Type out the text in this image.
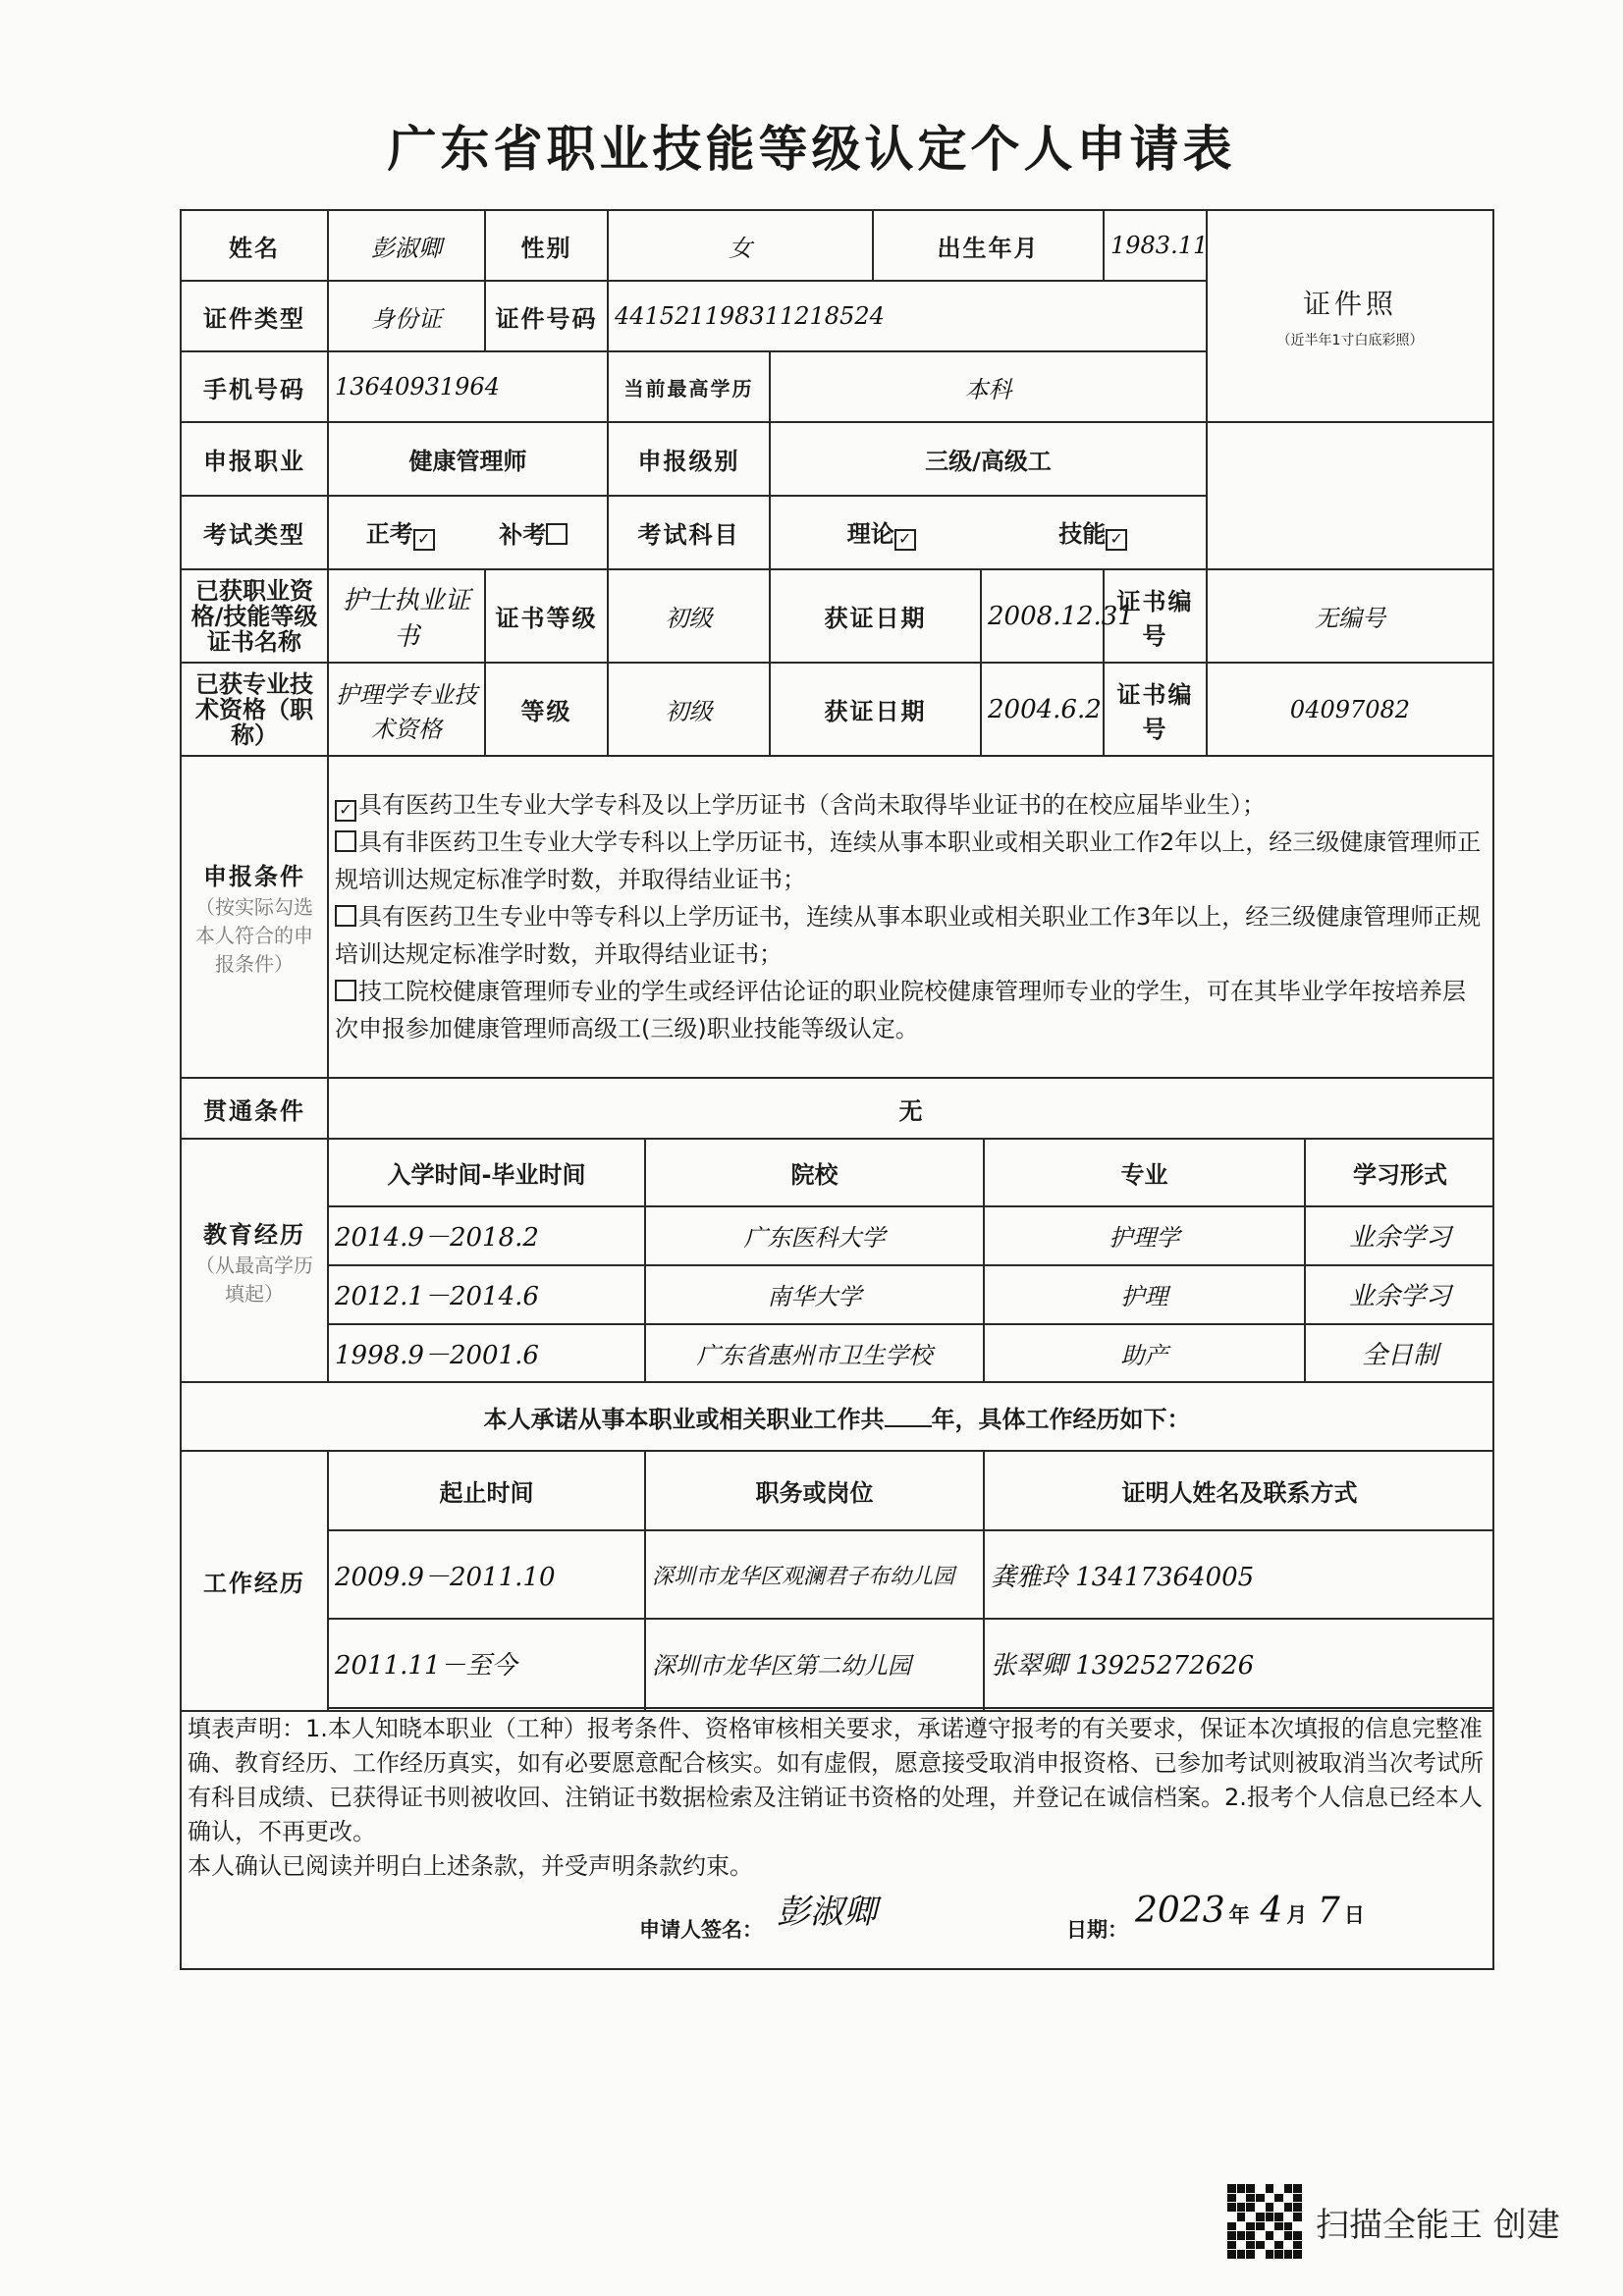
广东省职业技能等级认定个人申请表
姓名	彭淑卿	性别	女	出生年月	1983.11	
证件照
（近半年1寸白底彩照）

证件类型	身份证	证件号码	441521198311218524
手机号码	13640931964	当前最高学历	本科
申报职业	健康管理师	申报级别	三级/高级工	
考试类型	正考 ✓	补考	考试科目	理论 ✓	技能 ✓

已获职业资格/技能等级证书名称	护士执业证书	证书等级	初级	获证日期	2008.12.31	证书编号	无编号
已获专业技术资格（职称）	护理学专业技术资格	等级	初级	获证日期	2004.6.2	证书编号	04097082

申报条件
（按实际勾选本人符合的申报条件）

✓ 具有医药卫生专业大学专科及以上学历证书（含尚未取得毕业证书的在校应届毕业生）；
具有非医药卫生专业大学专科以上学历证书，连续从事本职业或相关职业工作2年以上，经三级健康管理师正规培训达规定标准学时数，并取得结业证书；
具有医药卫生专业中等专科以上学历证书，连续从事本职业或相关职业工作3年以上，经三级健康管理师正规培训达规定标准学时数，并取得结业证书；
技工院校健康管理师专业的学生或经评估论证的职业院校健康管理师专业的学生，可在其毕业学年按培养层次申报参加健康管理师高级工(三级)职业技能等级认定。

贯通条件	无

教育经历
（从最高学历填起）

入学时间-毕业时间	院校	专业	学习形式
2014.9－2018.2	广东医科大学	护理学	业余学习
2012.1－2014.6	南华大学	护理	业余学习
1998.9－2001.6	广东省惠州市卫生学校	助产	全日制

本人承诺从事本职业或相关职业工作共 年，具体工作经历如下：
工作经历	
起止时间	职务或岗位	证明人姓名及联系方式
2009.9－2011.10	深圳市龙华区观澜君子布幼儿园	龚雅玲 13417364005
2011.11－至今	深圳市龙华区第二幼儿园	张翠卿 13925272626

填表声明：1.本人知晓本职业（工种）报考条件、资格审核相关要求，承诺遵守报考的有关要求，保证本次填报的信息完整准确、教育经历、工作经历真实，如有必要愿意配合核实。如有虚假，愿意接受取消申报资格、已参加考试则被取消当次考试所有科目成绩、已获得证书则被收回、注销证书数据检索及注销证书资格的处理，并登记在诚信档案。2.报考个人信息已经本人确认，不再更改。
本人确认已阅读并明白上述条款，并受声明条款约束。
申请人签名： 彭淑卿	日期： 2023 年 4 月 7 日
扫描全能王 创建
